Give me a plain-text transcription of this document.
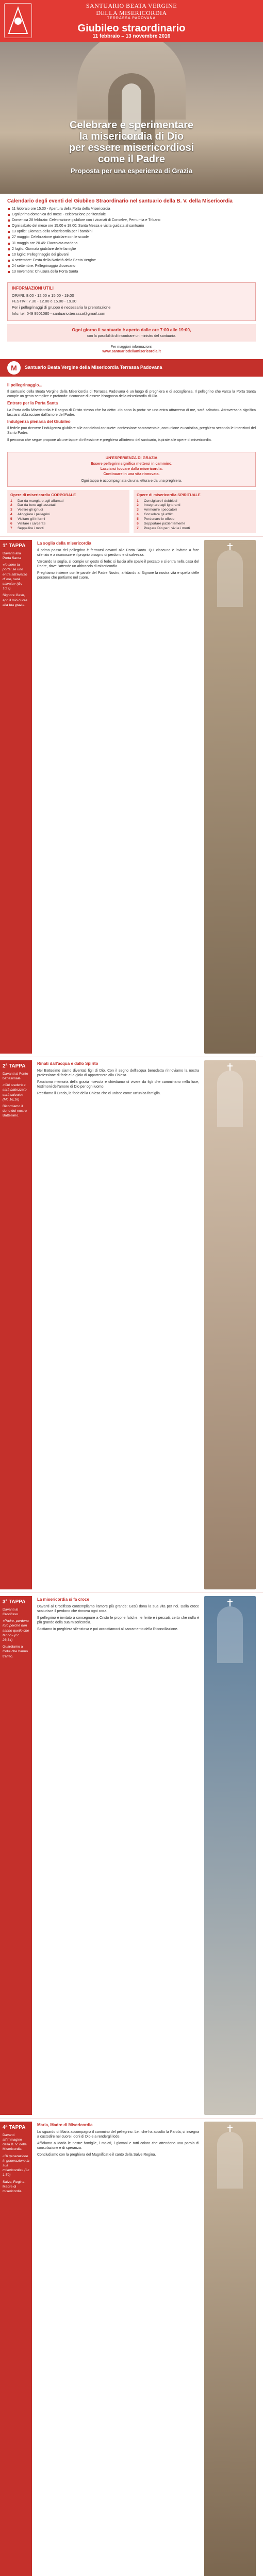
SANTUARIO BEATA VERGINE
DELLA MISERICORDIA
TERRASSA PADOVANA
Giubileo straordinario
11 febbraio – 13 novembre 2016
Celebrare e sperimentare
la misericordia di Dio
per essere misericordiosi
come il Padre
Proposta per una esperienza di Grazia
Calendario degli eventi del Giubileo Straordinario nel santuario della B. V. della Misericordia
11 febbraio ore 15.30 - Apertura della Porta della Misericordia
Ogni prima domenica del mese - celebrazione penitenziale
Domenica 28 febbraio: Celebrazione giubilare con i vicariati di Conselve, Pernumia e Tribano
Ogni sabato del mese ore 15.00 e 18.00: Santa Messa e visita guidata al santuario
13 aprile: Giornata della Misericordia per i bambini
27 maggio: Celebrazione giubilare con le scuole
31 maggio ore 20.45: Fiaccolata mariana
2 luglio: Giornata giubilare delle famiglie
10 luglio: Pellegrinaggio dei giovani
4 settembre: Festa della Natività della Beata Vergine
24 settembre: Pellegrinaggio diocesano
13 novembre: Chiusura della Porta Santa
INFORMAZIONI UTILI

ORARI: 8.00 - 12.00 e 15.00 - 19.00

FESTIVI: 7.30 - 12.00 e 15.00 - 19.30

Per i pellegrinaggi di gruppo è necessaria la prenotazione

Info: tel. 049 9501080 - santuario.terrassa@gmail.com

Ogni giorno il santuario è aperto dalle ore 7:00 alle 19:00,
con la possibilità di incontrare un ministro del santuario.
Per maggiori informazioni:
www.santuariodellamisericordia.it
M	Santuario Beata Vergine della Misericordia Terrassa Padovana
Il pellegrinaggio...

Il santuario della Beata Vergine della Misericordia di Terrassa Padovana è un luogo di preghiera e di accoglienza. Il pellegrino che varca la Porta Santa compie un gesto semplice e profondo: riconosce di essere bisognoso della misericordia di Dio.

Entrare per la Porta Santa

La Porta della Misericordia è il segno di Cristo stesso che ha detto: «Io sono la porta: se uno entra attraverso di me, sarà salvato». Attraversarla significa lasciarsi abbracciare dall'amore del Padre.

Indulgenza plenaria del Giubileo

Il fedele può ricevere l'indulgenza giubilare alle condizioni consuete: confessione sacramentale, comunione eucaristica, preghiera secondo le intenzioni del Santo Padre.

Il percorso che segue propone alcune tappe di riflessione e preghiera all'interno del santuario, ispirate alle opere di misericordia.

UN'ESPERIENZA DI GRAZIA
Essere pellegrini significa mettersi in cammino.
Lasciarsi toccare dalla misericordia.
Continuare in una vita rinnovata.
Ogni tappa è accompagnata da una lettura e da una preghiera.
Opere di misericordia CORPORALE
1	Dar da mangiare agli affamati
2	Dar da bere agli assetati
3	Vestire gli ignudi
4	Alloggiare i pellegrini
5	Visitare gli infermi
6	Visitare i carcerati
7	Seppellire i morti
Opere di misericordia SPIRITUALE
1	Consigliare i dubbiosi
2	Insegnare agli ignoranti
3	Ammonire i peccatori
4	Consolare gli afflitti
5	Perdonare le offese
6	Sopportare pazientemente
7	Pregare Dio per i vivi e i morti
1ª TAPPA
Davanti alla Porta Santa
«Io sono la porta: se uno entra attraverso di me, sarà salvato» (Gv 10,9)
Signore Gesù, apri il mio cuore alla tua grazia.
La soglia della misericordia

Il primo passo del pellegrino è fermarsi davanti alla Porta Santa. Qui ciascuno è invitato a fare silenzio e a riconoscere il proprio bisogno di perdono e di salvezza.

Varcando la soglia, si compie un gesto di fede: si lascia alle spalle il peccato e si entra nella casa del Padre, dove l'attende un abbraccio di misericordia.

Preghiamo insieme con le parole del Padre Nostro, affidando al Signore la nostra vita e quella delle persone che portiamo nel cuore.

2ª TAPPA
Davanti al Fonte battesimale
«Chi crederà e sarà battezzato sarà salvato» (Mc 16,16)
Ricordiamo il dono del nostro Battesimo.
Rinati dall'acqua e dallo Spirito

Nel Battesimo siamo diventati figli di Dio. Con il segno dell'acqua benedetta rinnoviamo la nostra professione di fede e la gioia di appartenere alla Chiesa.

Facciamo memoria della grazia ricevuta e chiediamo di vivere da figli che camminano nella luce, testimoni dell'amore di Dio per ogni uomo.

Recitiamo il Credo, la fede della Chiesa che ci unisce come un'unica famiglia.

3ª TAPPA
Davanti al Crocifisso
«Padre, perdona loro perché non sanno quello che fanno» (Lc 23,34)
Guardiamo a Colui che hanno trafitto.
La misericordia si fa croce

Davanti al Crocifisso contempliamo l'amore più grande: Gesù dona la sua vita per noi. Dalla croce scaturisce il perdono che rinnova ogni cosa.

Il pellegrino è invitato a consegnare a Cristo le proprie fatiche, le ferite e i peccati, certo che nulla è più grande della sua misericordia.

Sostiamo in preghiera silenziosa e poi accostiamoci al sacramento della Riconciliazione.

4ª TAPPA
Davanti all'immagine della B. V. della Misericordia
«Di generazione in generazione la sua misericordia» (Lc 1,50)
Salve, Regina, Madre di misericordia.
Maria, Madre di Misericordia

Lo sguardo di Maria accompagna il cammino del pellegrino. Lei, che ha accolto la Parola, ci insegna a custodire nel cuore i doni di Dio e a rendergli lode.

Affidiamo a Maria le nostre famiglie, i malati, i giovani e tutti coloro che attendono una parola di consolazione e di speranza.

Concludiamo con la preghiera del Magnificat e il canto della Salve Regina.
